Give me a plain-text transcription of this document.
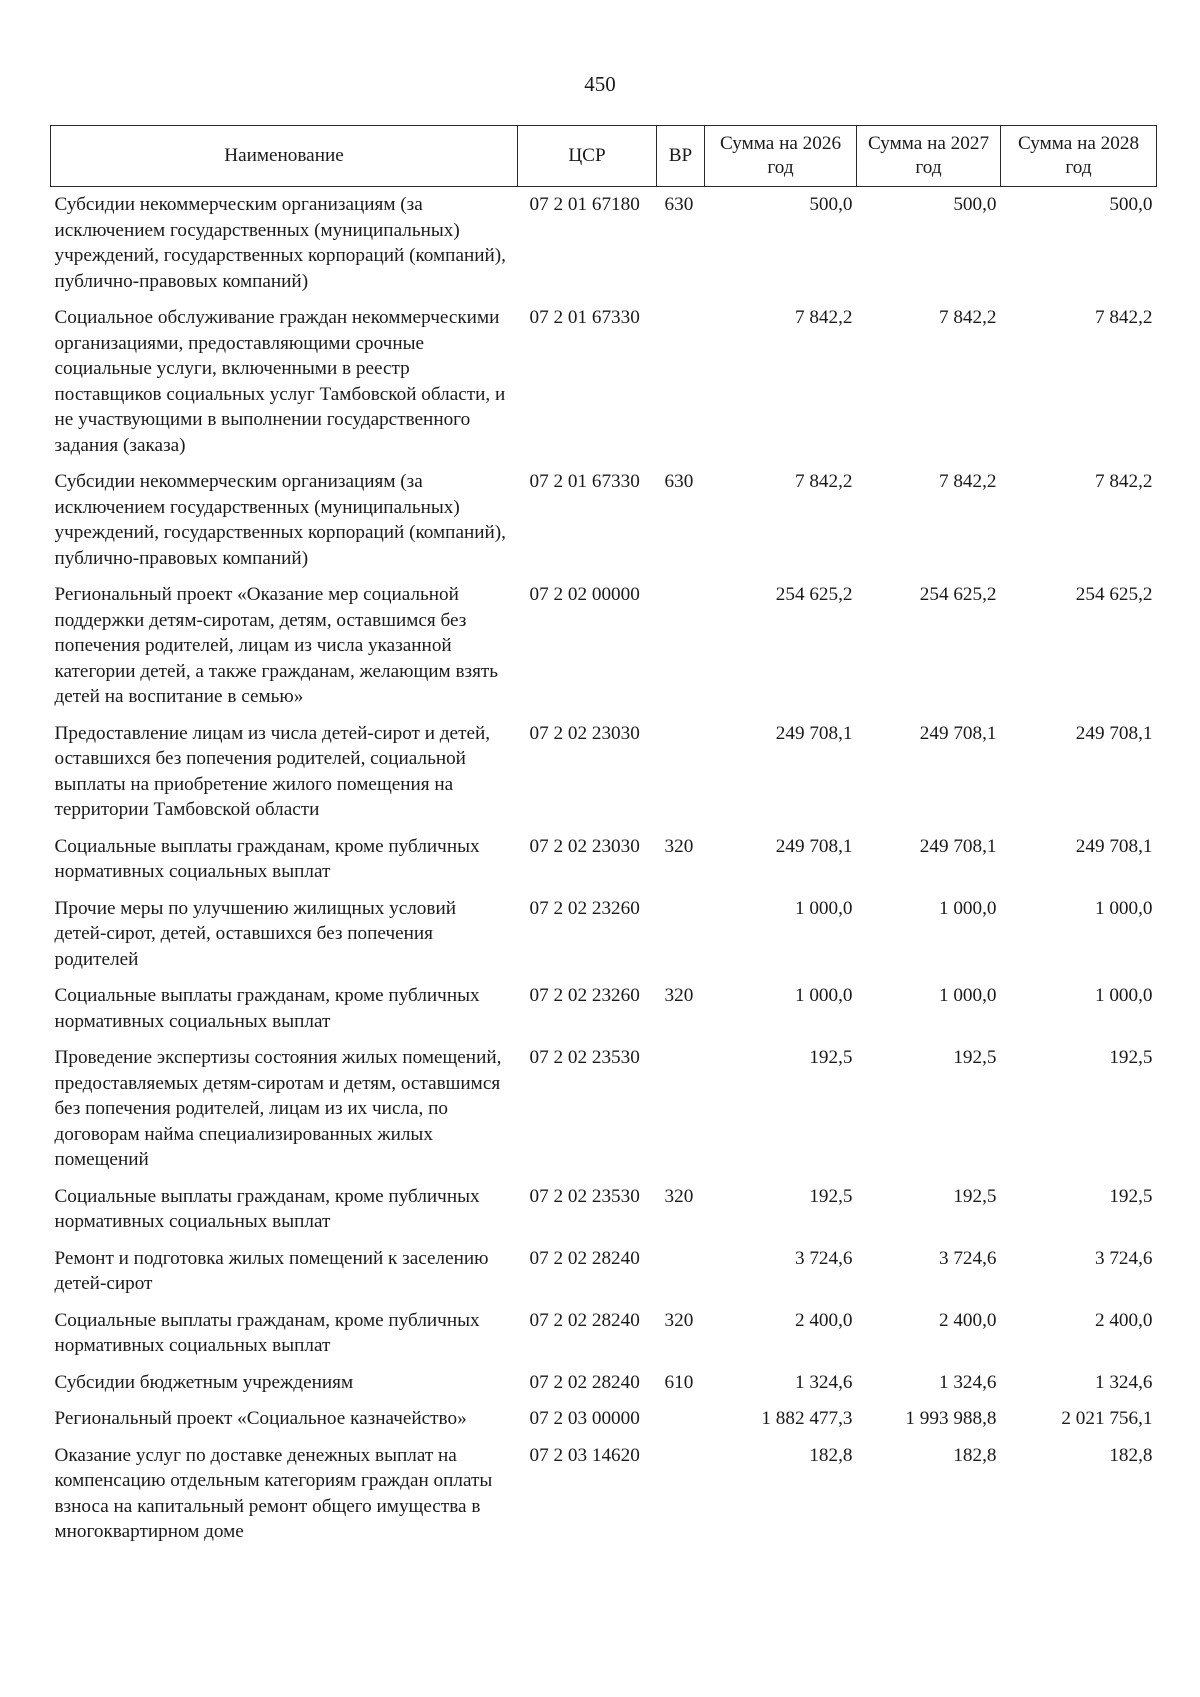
450
Наименование	ЦСР	ВР	Сумма на 2026 год	Сумма на 2027 год	Сумма на 2028 год
Субсидии некоммерческим организациям (за исключением государственных (муниципальных) учреждений, государственных корпораций (компаний), публично-правовых компаний)	07 2 01 67180	630	500,0	500,0	500,0
Социальное обслуживание граждан некоммерческими организациями, предоставляющими срочные социальные услуги, включенными в реестр поставщиков социальных услуг Тамбовской области, и не участвующими в выполнении государственного задания (заказа)	07 2 01 67330		7 842,2	7 842,2	7 842,2
Субсидии некоммерческим организациям (за исключением государственных (муниципальных) учреждений, государственных корпораций (компаний), публично-правовых компаний)	07 2 01 67330	630	7 842,2	7 842,2	7 842,2
Региональный проект «Оказание мер социальной поддержки детям-сиротам, детям, оставшимся без попечения родителей, лицам из числа указанной категории детей, а также гражданам, желающим взять детей на воспитание в семью»	07 2 02 00000		254 625,2	254 625,2	254 625,2
Предоставление лицам из числа детей-сирот и детей, оставшихся без попечения родителей, социальной выплаты на приобретение жилого помещения на территории Тамбовской области	07 2 02 23030		249 708,1	249 708,1	249 708,1
Социальные выплаты гражданам, кроме публичных нормативных социальных выплат	07 2 02 23030	320	249 708,1	249 708,1	249 708,1
Прочие меры по улучшению жилищных условий детей-сирот, детей, оставшихся без попечения родителей	07 2 02 23260		1 000,0	1 000,0	1 000,0
Социальные выплаты гражданам, кроме публичных нормативных социальных выплат	07 2 02 23260	320	1 000,0	1 000,0	1 000,0
Проведение экспертизы состояния жилых помещений, предоставляемых детям-сиротам и детям, оставшимся без попечения родителей, лицам из их числа, по договорам найма специализированных жилых помещений	07 2 02 23530		192,5	192,5	192,5
Социальные выплаты гражданам, кроме публичных нормативных социальных выплат	07 2 02 23530	320	192,5	192,5	192,5
Ремонт и подготовка жилых помещений к заселению детей-сирот	07 2 02 28240		3 724,6	3 724,6	3 724,6
Социальные выплаты гражданам, кроме публичных нормативных социальных выплат	07 2 02 28240	320	2 400,0	2 400,0	2 400,0
Субсидии бюджетным учреждениям	07 2 02 28240	610	1 324,6	1 324,6	1 324,6
Региональный проект «Социальное казначейство»	07 2 03 00000		1 882 477,3	1 993 988,8	2 021 756,1
Оказание услуг по доставке денежных выплат на компенсацию отдельным категориям граждан оплаты взноса на капитальный ремонт общего имущества в многоквартирном доме	07 2 03 14620		182,8	182,8	182,8
